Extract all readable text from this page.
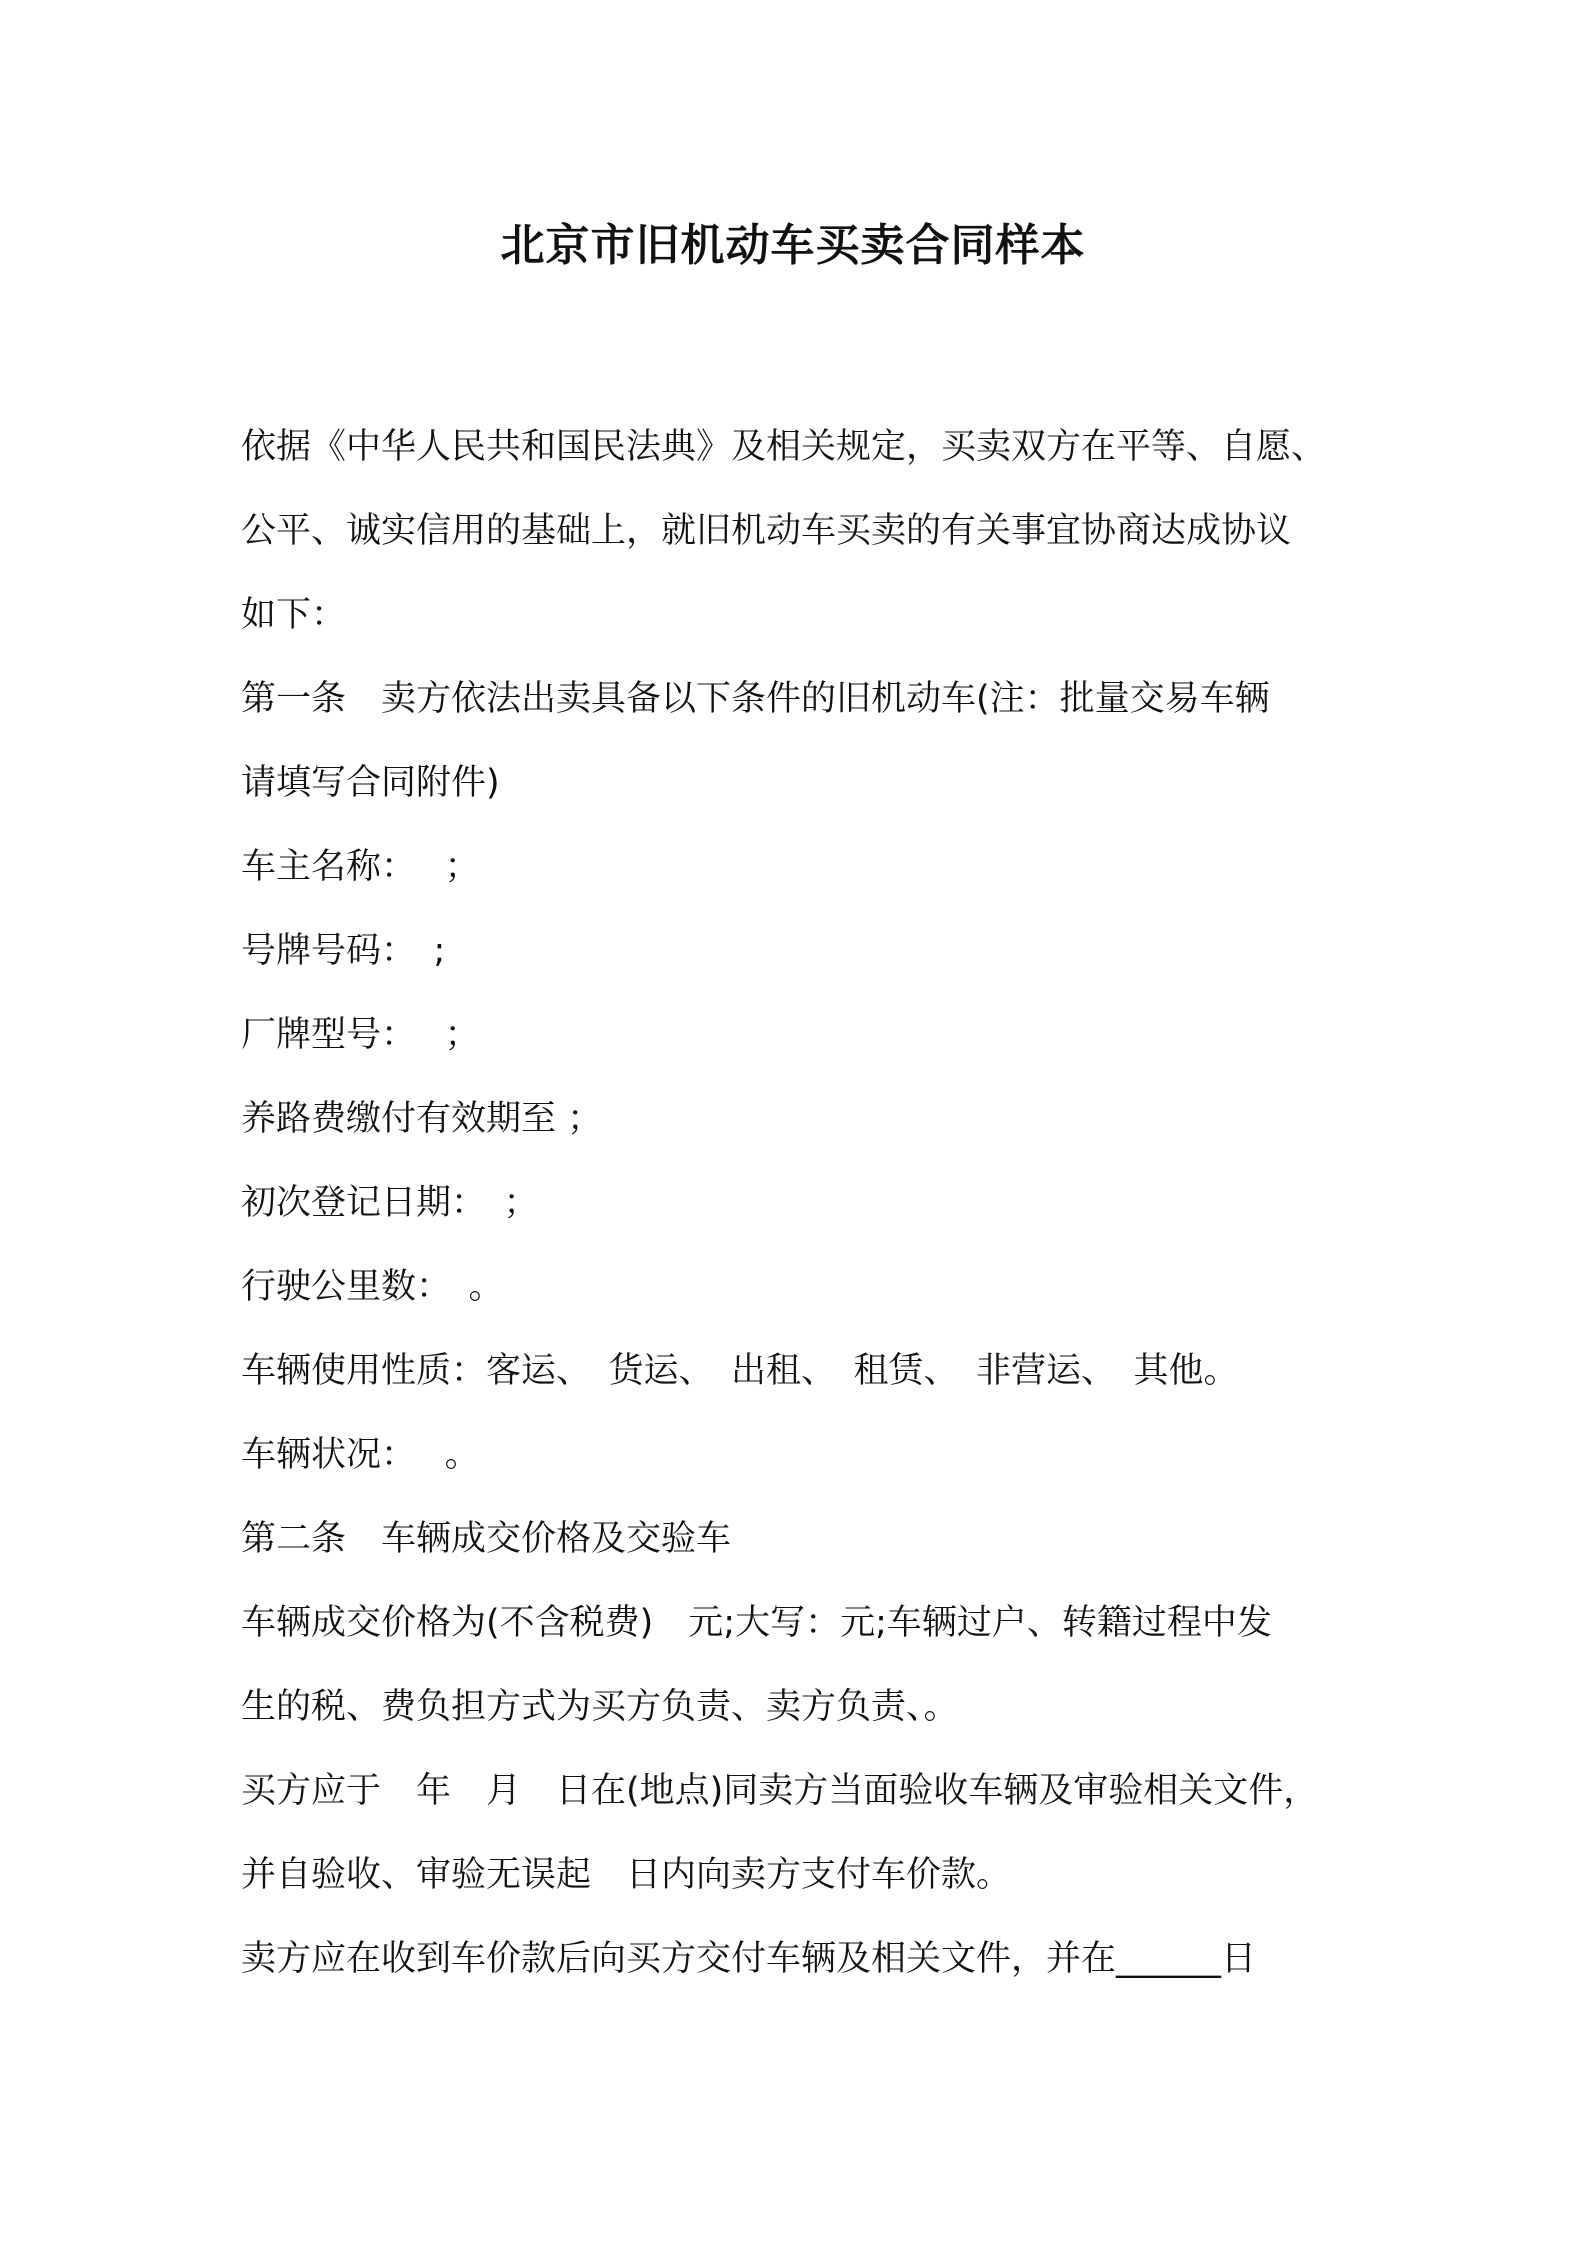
北京市旧机动车买卖合同样本
依据《中华人民共和国民法典》及相关规定，买卖双方在平等、自愿、
公平、诚实信用的基础上，就旧机动车买卖的有关事宜协商达成协议
如下：
第一条　卖方依法出卖具备以下条件的旧机动车(注：批量交易车辆
请填写合同附件)
车主名称：　 ；
号牌号码：　;
厂牌型号：　 ；
养路费缴付有效期至 ；
初次登记日期：　；
行驶公里数：　。
车辆使用性质：客运、　货运、　出租、　租赁、　非营运、　其他。
车辆状况：　 。
第二条　车辆成交价格及交验车
车辆成交价格为(不含税费)　元;大写：元;车辆过户、转籍过程中发
生的税、费负担方式为买方负责、卖方负责、。
买方应于　年　月　日在(地点)同卖方当面验收车辆及审验相关文件，
并自验收、审验无误起　日内向卖方支付车价款。
卖方应在收到车价款后向买方交付车辆及相关文件，并在______日
